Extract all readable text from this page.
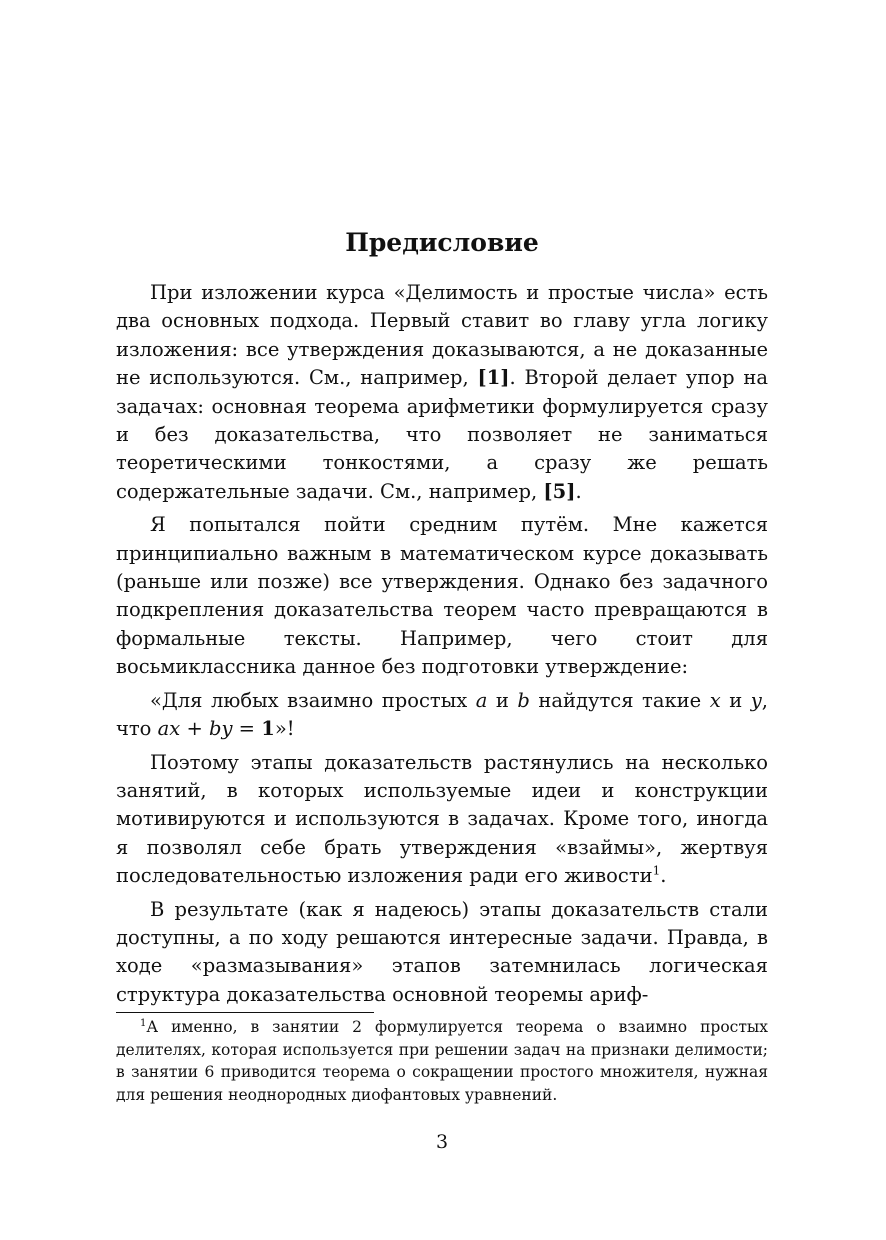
Предисловие

При изложении курса «Делимость и простые числа» есть два основных подхода. Первый ставит во главу угла логику изложения: все утверждения доказываются, а не доказанные не используются. См., например, [1]. Второй делает упор на задачах: основная теорема арифметики формулируется сразу и без доказательства, что позволяет не заниматься теоретическими тонкостями, а сразу же решать содержательные задачи. См., например, [5].

Я попытался пойти средним путём. Мне кажется принципиально важным в математическом курсе доказывать (раньше или позже) все утверждения. Однако без задачного подкрепления доказательства теорем часто превращаются в формальные тексты. Например, чего стоит для восьмиклассника данное без подготовки утверждение:

«Для любых взаимно простых a и b найдутся такие x и y, что ax + by = 1»!

Поэтому этапы доказательств растянулись на несколько занятий, в которых используемые идеи и конструкции мотивируются и используются в задачах. Кроме того, иногда я позволял себе брать утверждения «взаймы», жертвуя последовательностью изложения ради его живости$^1$.

В результате (как я надеюсь) этапы доказательств стали доступны, а по ходу решаются интересные задачи. Правда, в ходе «размазывания» этапов затемнилась логическая структура доказательства основной теоремы ариф-

$^1$А именно, в занятии 2 формулируется теорема о взаимно простых делителях, которая используется при решении задач на признаки делимости; в занятии 6 приводится теорема о сокращении простого множителя, нужная для решения неоднородных диофантовых уравнений.

3
